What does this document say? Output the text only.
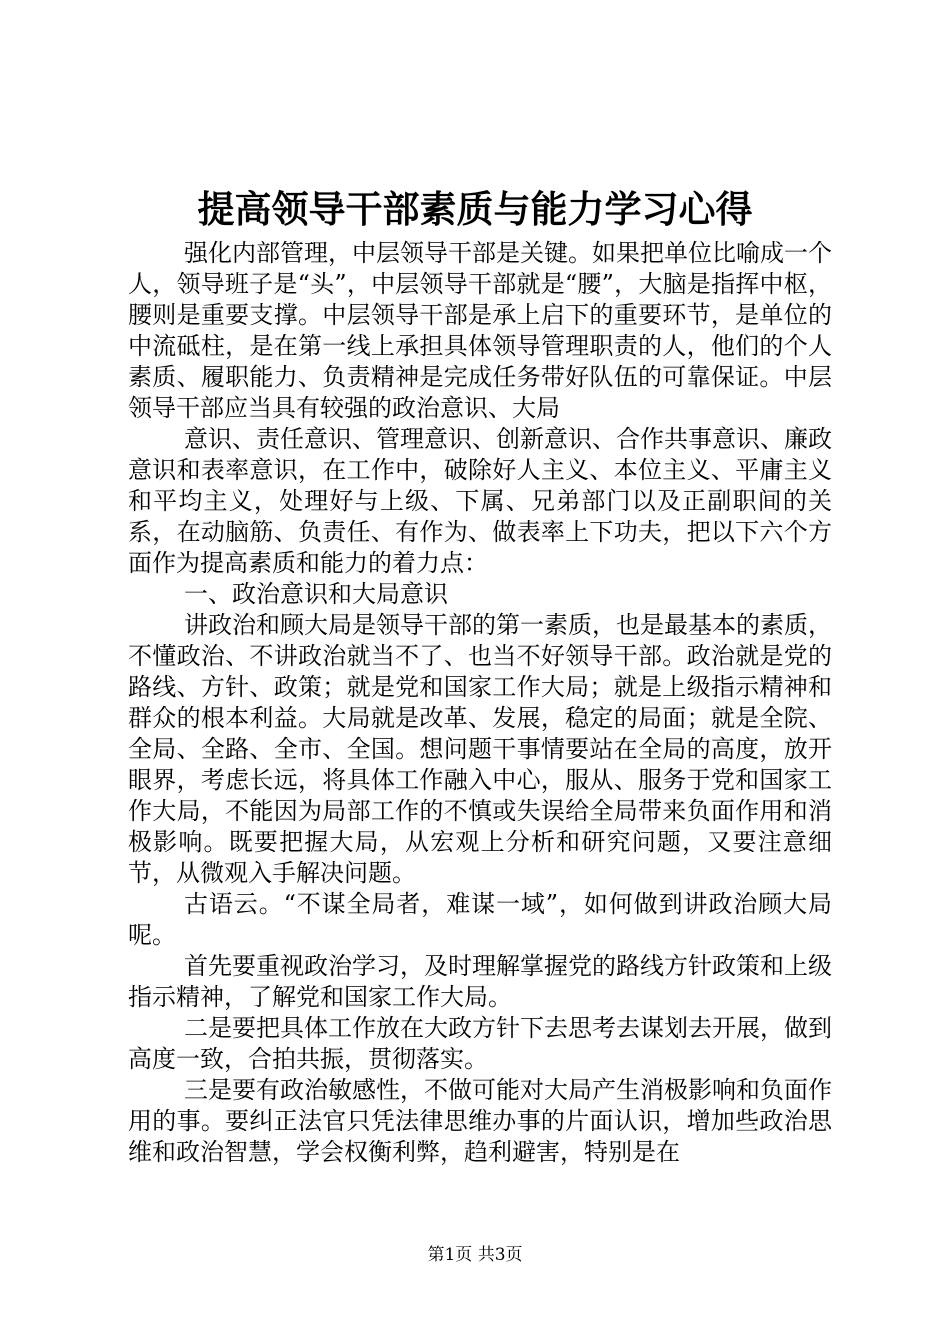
提高领导干部素质与能力学习心得

强化内部管理，中层领导干部是关键。如果把单位比喻成一个人，领导班子是“头”，中层领导干部就是“腰”，大脑是指挥中枢，腰则是重要支撑。中层领导干部是承上启下的重要环节，是单位的中流砥柱，是在第一线上承担具体领导管理职责的人，他们的个人素质、履职能力、负责精神是完成任务带好队伍的可靠保证。中层领导干部应当具有较强的政治意识、大局

意识、责任意识、管理意识、创新意识、合作共事意识、廉政意识和表率意识，在工作中，破除好人主义、本位主义、平庸主义和平均主义，处理好与上级、下属、兄弟部门以及正副职间的关系，在动脑筋、负责任、有作为、做表率上下功夫，把以下六个方面作为提高素质和能力的着力点：

一、政治意识和大局意识

讲政治和顾大局是领导干部的第一素质，也是最基本的素质，不懂政治、不讲政治就当不了、也当不好领导干部。政治就是党的路线、方针、政策；就是党和国家工作大局；就是上级指示精神和群众的根本利益。大局就是改革、发展，稳定的局面；就是全院、全局、全路、全市、全国。想问题干事情要站在全局的高度，放开眼界，考虑长远，将具体工作融入中心，服从、服务于党和国家工作大局，不能因为局部工作的不慎或失误给全局带来负面作用和消极影响。既要把握大局，从宏观上分析和研究问题，又要注意细节，从微观入手解决问题。

古语云。“不谋全局者，难谋一域”，如何做到讲政治顾大局呢。

首先要重视政治学习，及时理解掌握党的路线方针政策和上级指示精神，了解党和国家工作大局。

二是要把具体工作放在大政方针下去思考去谋划去开展，做到高度一致，合拍共振，贯彻落实。

三是要有政治敏感性，不做可能对大局产生消极影响和负面作用的事。要纠正法官只凭法律思维办事的片面认识，增加些政治思维和政治智慧，学会权衡利弊，趋利避害，特别是在

第1页 共3页
